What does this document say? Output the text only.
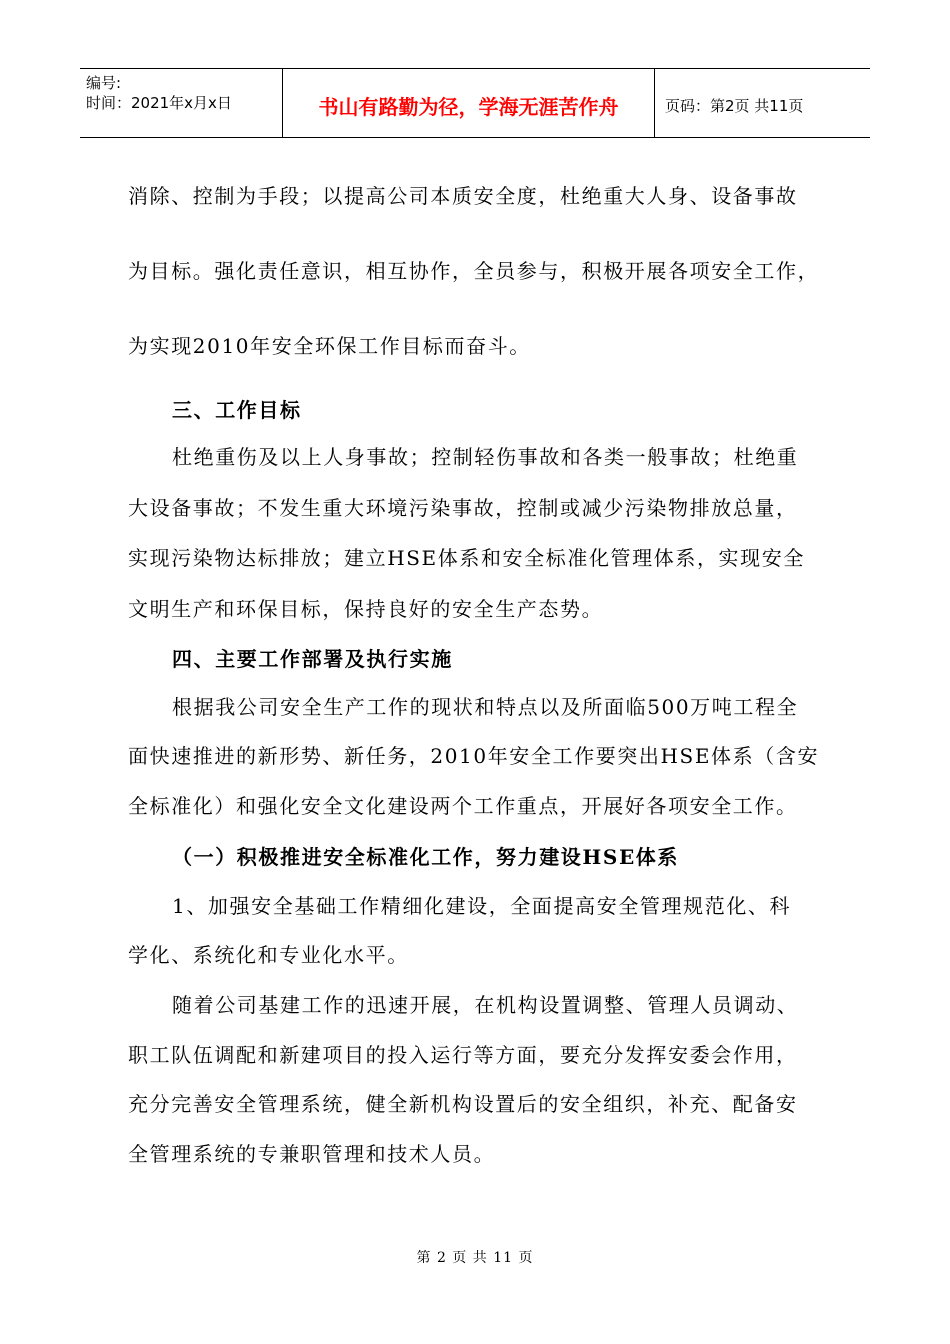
编号:
时间：2021年x月x日	书山有路勤为径，学海无涯苦作舟	页码：第2页 共11页
消除、控制为手段；以提高公司本质安全度，杜绝重大人身、设备事故
为目标。强化责任意识，相互协作，全员参与，积极开展各项安全工作，
为实现2010年安全环保工作目标而奋斗。
三、工作目标
杜绝重伤及以上人身事故；控制轻伤事故和各类一般事故；杜绝重
大设备事故；不发生重大环境污染事故，控制或减少污染物排放总量，
实现污染物达标排放；建立HSE体系和安全标准化管理体系，实现安全
文明生产和环保目标，保持良好的安全生产态势。
四、主要工作部署及执行实施
根据我公司安全生产工作的现状和特点以及所面临500万吨工程全
面快速推进的新形势、新任务，2010年安全工作要突出HSE体系（含安
全标准化）和强化安全文化建设两个工作重点，开展好各项安全工作。
（一）积极推进安全标准化工作，努力建设HSE体系
1、加强安全基础工作精细化建设，全面提高安全管理规范化、科
学化、系统化和专业化水平。
随着公司基建工作的迅速开展，在机构设置调整、管理人员调动、
职工队伍调配和新建项目的投入运行等方面，要充分发挥安委会作用，
充分完善安全管理系统，健全新机构设置后的安全组织，补充、配备安
全管理系统的专兼职管理和技术人员。
第 2 页 共 11 页
